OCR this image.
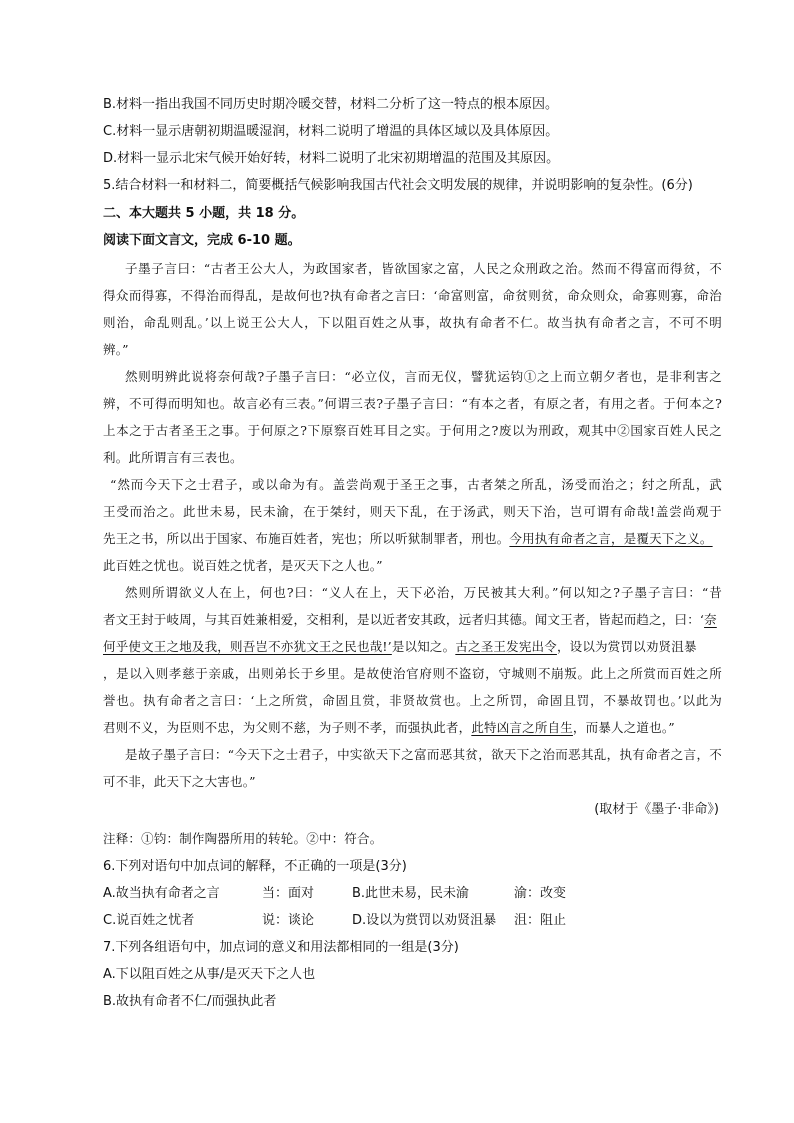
B.材料一指出我国不同历史时期冷暖交替，材料二分析了这一特点的根本原因。
C.材料一显示唐朝初期温暖湿润，材料二说明了增温的具体区域以及具体原因。
D.材料一显示北宋气候开始好转，材料二说明了北宋初期增温的范围及其原因。
5.结合材料一和材料二，简要概括气候影响我国古代社会文明发展的规律，并说明影响的复杂性。(6分)
二、本大题共 5 小题，共 18 分。
阅读下面文言文，完成 6-10 题。
子墨子言曰：“古者王公大人，为政国家者，皆欲国家之富，人民之众刑政之治。然而不得富而得贫，不
得众而得寡，不得治而得乱，是故何也?执有命者之言曰：‘命富则富，命贫则贫，命众则众，命寡则寡，命治
则治，命乱则乱。’以上说王公大人，下以阻百姓之从事，故执有命者不仁。故当执有命者之言，不可不明
辨。”
然则明辨此说将奈何哉?子墨子言曰：“必立仪，言而无仪，譬犹运钧①之上而立朝夕者也，是非利害之
辨，不可得而明知也。故言必有三表。”何谓三表?子墨子言曰：“有本之者，有原之者，有用之者。于何本之?
上本之于古者圣王之事。于何原之?下原察百姓耳目之实。于何用之?废以为刑政，观其中②国家百姓人民之
利。此所谓言有三表也。
“然而今天下之士君子，或以命为有。盖尝尚观于圣王之事，古者桀之所乱，汤受而治之；纣之所乱，武
王受而治之。此世未易，民未渝，在于桀纣，则天下乱，在于汤武，则天下治，岂可谓有命哉!盖尝尚观于
先王之书，所以出于国家、布施百姓者，宪也；所以听狱制罪者，刑也。今用执有命者之言，是覆天下之义。
此百姓之忧也。说百姓之忧者，是灭天下之人也。”
然则所谓欲义人在上，何也?曰：“义人在上，天下必治，万民被其大利。”何以知之?子墨子言曰：“昔
者文王封于岐周，与其百姓兼相爱，交相利，是以近者安其政，远者归其德。闻文王者，皆起而趋之，曰：‘奈
何乎使文王之地及我，则吾岂不亦犹文王之民也哉!’是以知之。古之圣王发宪出令，设以为赏罚以劝贤沮暴
，是以入则孝慈于亲戚，出则弟长于乡里。是故使治官府则不盗窃，守城则不崩叛。此上之所赏而百姓之所
誉也。执有命者之言曰：‘上之所赏，命固且赏，非贤故赏也。上之所罚，命固且罚，不暴故罚也。’以此为
君则不义，为臣则不忠，为父则不慈，为子则不孝，而强执此者，此特凶言之所自生，而暴人之道也。”
是故子墨子言曰：“今天下之士君子，中实欲天下之富而恶其贫，欲天下之治而恶其乱，执有命者之言，不
可不非，此天下之大害也。”
(取材于《墨子·非命》)
注释：①钧：制作陶器所用的转轮。②中：符合。
6.下列对语句中加点词的解释，不正确的一项是(3分)
A.故当执有命者之言	当：面对	B.此世未易，民未渝	渝：改变
C.说百姓之忧者	说：谈论	D.设以为赏罚以劝贤沮暴 沮：阻止
7.下列各组语句中，加点词的意义和用法都相同的一组是(3分)
A.下以阻百姓之从事/是灭天下之人也
B.故执有命者不仁/而强执此者
